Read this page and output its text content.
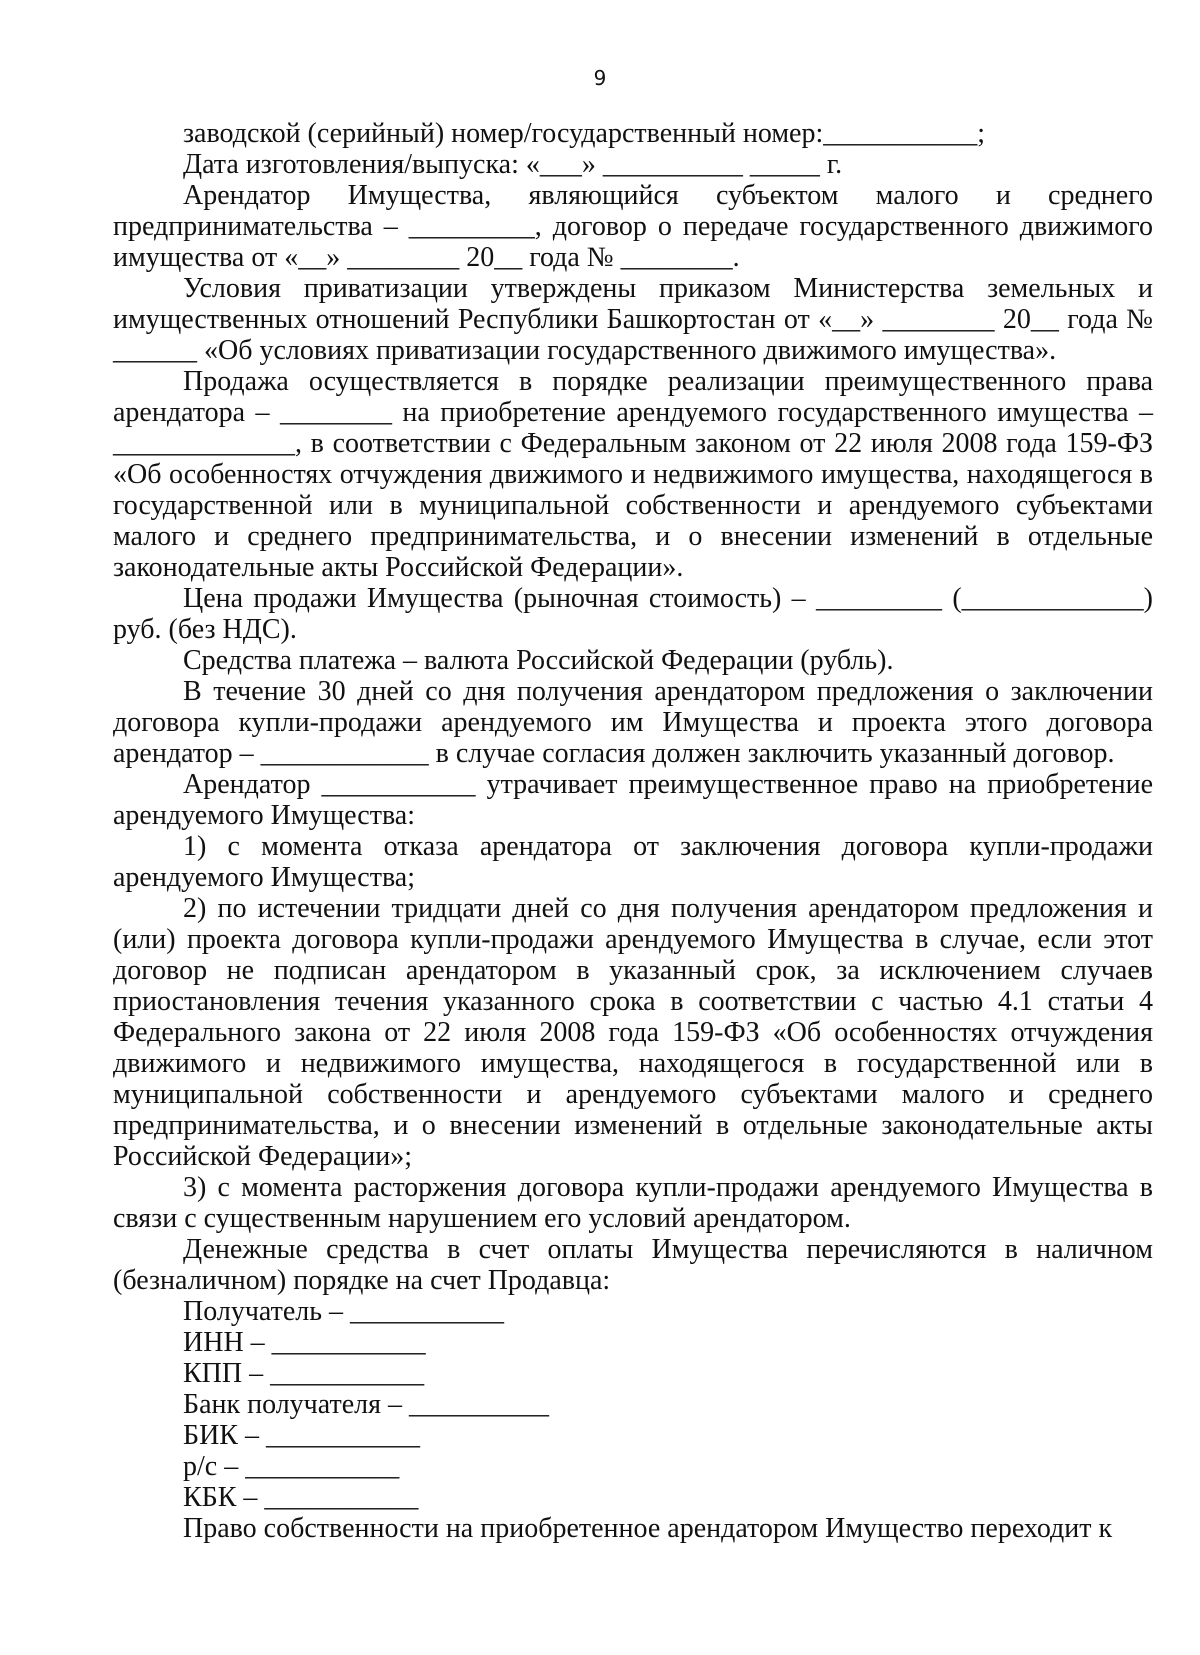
9

заводской (серийный) номер/государственный номер:___________;

Дата изготовления/выпуска: «___» __________ _____ г.

Арендатор Имущества, являющийся субъектом малого и среднего предпринимательства – _________, договор о передаче государственного движимого имущества от «__» ________ 20__ года № ________.

Условия приватизации утверждены приказом Министерства земельных и имущественных отношений Республики Башкортостан от «__» ________ 20__ года № ______ «Об условиях приватизации государственного движимого имущества».

Продажа осуществляется в порядке реализации преимущественного права арендатора – ________ на приобретение арендуемого государственного имущества – _____________, в соответствии с Федеральным законом от 22 июля 2008 года 159-ФЗ «Об особенностях отчуждения движимого и недвижимого имущества, находящегося в государственной или в муниципальной собственности и арендуемого субъектами малого и среднего предпринимательства, и о внесении изменений в отдельные законодательные акты Российской Федерации».

Цена продажи Имущества (рыночная стоимость) – _________ (_____________) руб. (без НДС).

Средства платежа – валюта Российской Федерации (рубль).

В течение 30 дней со дня получения арендатором предложения о заключении договора купли-продажи арендуемого им Имущества и проекта этого договора арендатор – ____________ в случае согласия должен заключить указанный договор.

Арендатор ___________ утрачивает преимущественное право на приобретение арендуемого Имущества:

1) с момента отказа арендатора от заключения договора купли-продажи арендуемого Имущества;

2) по истечении тридцати дней со дня получения арендатором предложения и (или) проекта договора купли-продажи арендуемого Имущества в случае, если этот договор не подписан арендатором в указанный срок, за исключением случаев приостановления течения указанного срока в соответствии с частью 4.1 статьи 4 Федерального закона от 22 июля 2008 года 159-ФЗ «Об особенностях отчуждения движимого и недвижимого имущества, находящегося в государственной или в муниципальной собственности и арендуемого субъектами малого и среднего предпринимательства, и о внесении изменений в отдельные законодательные акты Российской Федерации»;

3) с момента расторжения договора купли-продажи арендуемого Имущества в связи с существенным нарушением его условий арендатором.

Денежные средства в счет оплаты Имущества перечисляются в наличном (безналичном) порядке на счет Продавца:

Получатель – ___________

ИНН – ___________

КПП – ___________

Банк получателя – __________

БИК – ___________

р/с – ___________

КБК – ___________

Право собственности на приобретенное арендатором Имущество переходит к
